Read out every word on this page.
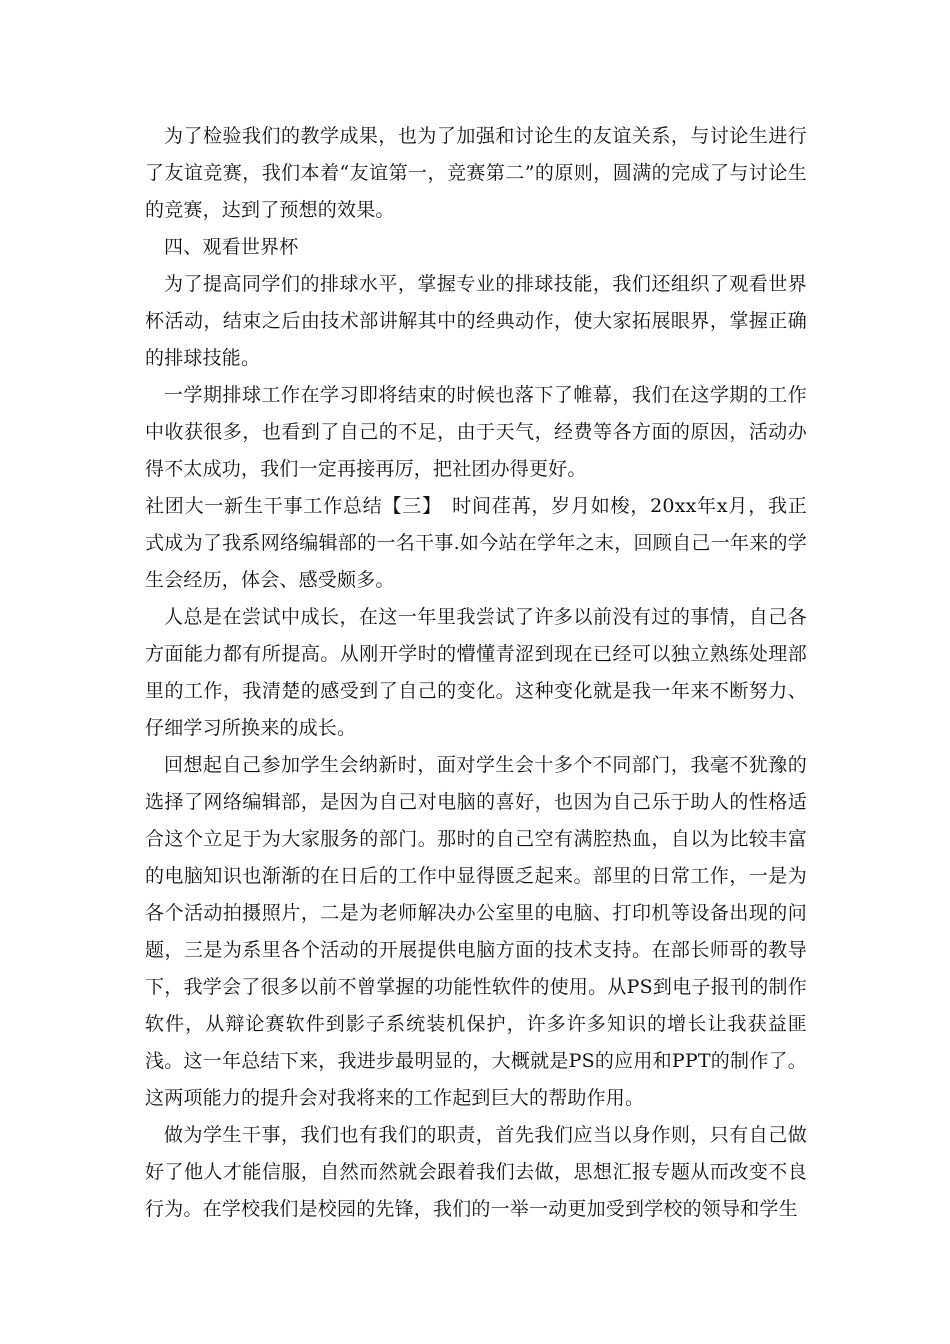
为了检验我们的教学成果，也为了加强和讨论生的友谊关系，与讨论生进行了友谊竞赛，我们本着“友谊第一，竞赛第二”的原则，圆满的完成了与讨论生的竞赛，达到了预想的效果。

四、观看世界杯

为了提高同学们的排球水平，掌握专业的排球技能，我们还组织了观看世界杯活动，结束之后由技术部讲解其中的经典动作，使大家拓展眼界，掌握正确的排球技能。

一学期排球工作在学习即将结束的时候也落下了帷幕，我们在这学期的工作中收获很多，也看到了自己的不足，由于天气，经费等各方面的原因，活动办得不太成功，我们一定再接再厉，把社团办得更好。

社团大一新生干事工作总结【三】　时间荏苒，岁月如梭，20xx年x月，我正式成为了我系网络编辑部的一名干事.如今站在学年之末，回顾自己一年来的学生会经历，体会、感受颇多。

人总是在尝试中成长，在这一年里我尝试了许多以前没有过的事情，自己各方面能力都有所提高。从刚开学时的懵懂青涩到现在已经可以独立熟练处理部里的工作，我清楚的感受到了自己的变化。这种变化就是我一年来不断努力、仔细学习所换来的成长。

回想起自己参加学生会纳新时，面对学生会十多个不同部门，我毫不犹豫的选择了网络编辑部，是因为自己对电脑的喜好，也因为自己乐于助人的性格适合这个立足于为大家服务的部门。那时的自己空有满腔热血，自以为比较丰富的电脑知识也渐渐的在日后的工作中显得匮乏起来。部里的日常工作，一是为各个活动拍摄照片，二是为老师解决办公室里的电脑、打印机等设备出现的问题，三是为系里各个活动的开展提供电脑方面的技术支持。在部长师哥的教导下，我学会了很多以前不曾掌握的功能性软件的使用。从PS到电子报刊的制作软件，从辩论赛软件到影子系统装机保护，许多许多知识的增长让我获益匪浅。这一年总结下来，我进步最明显的，大概就是PS的应用和PPT的制作了。这两项能力的提升会对我将来的工作起到巨大的帮助作用。

做为学生干事，我们也有我们的职责，首先我们应当以身作则，只有自己做好了他人才能信服，自然而然就会跟着我们去做，思想汇报专题从而改变不良行为。在学校我们是校园的先锋，我们的一举一动更加受到学校的领导和学生
